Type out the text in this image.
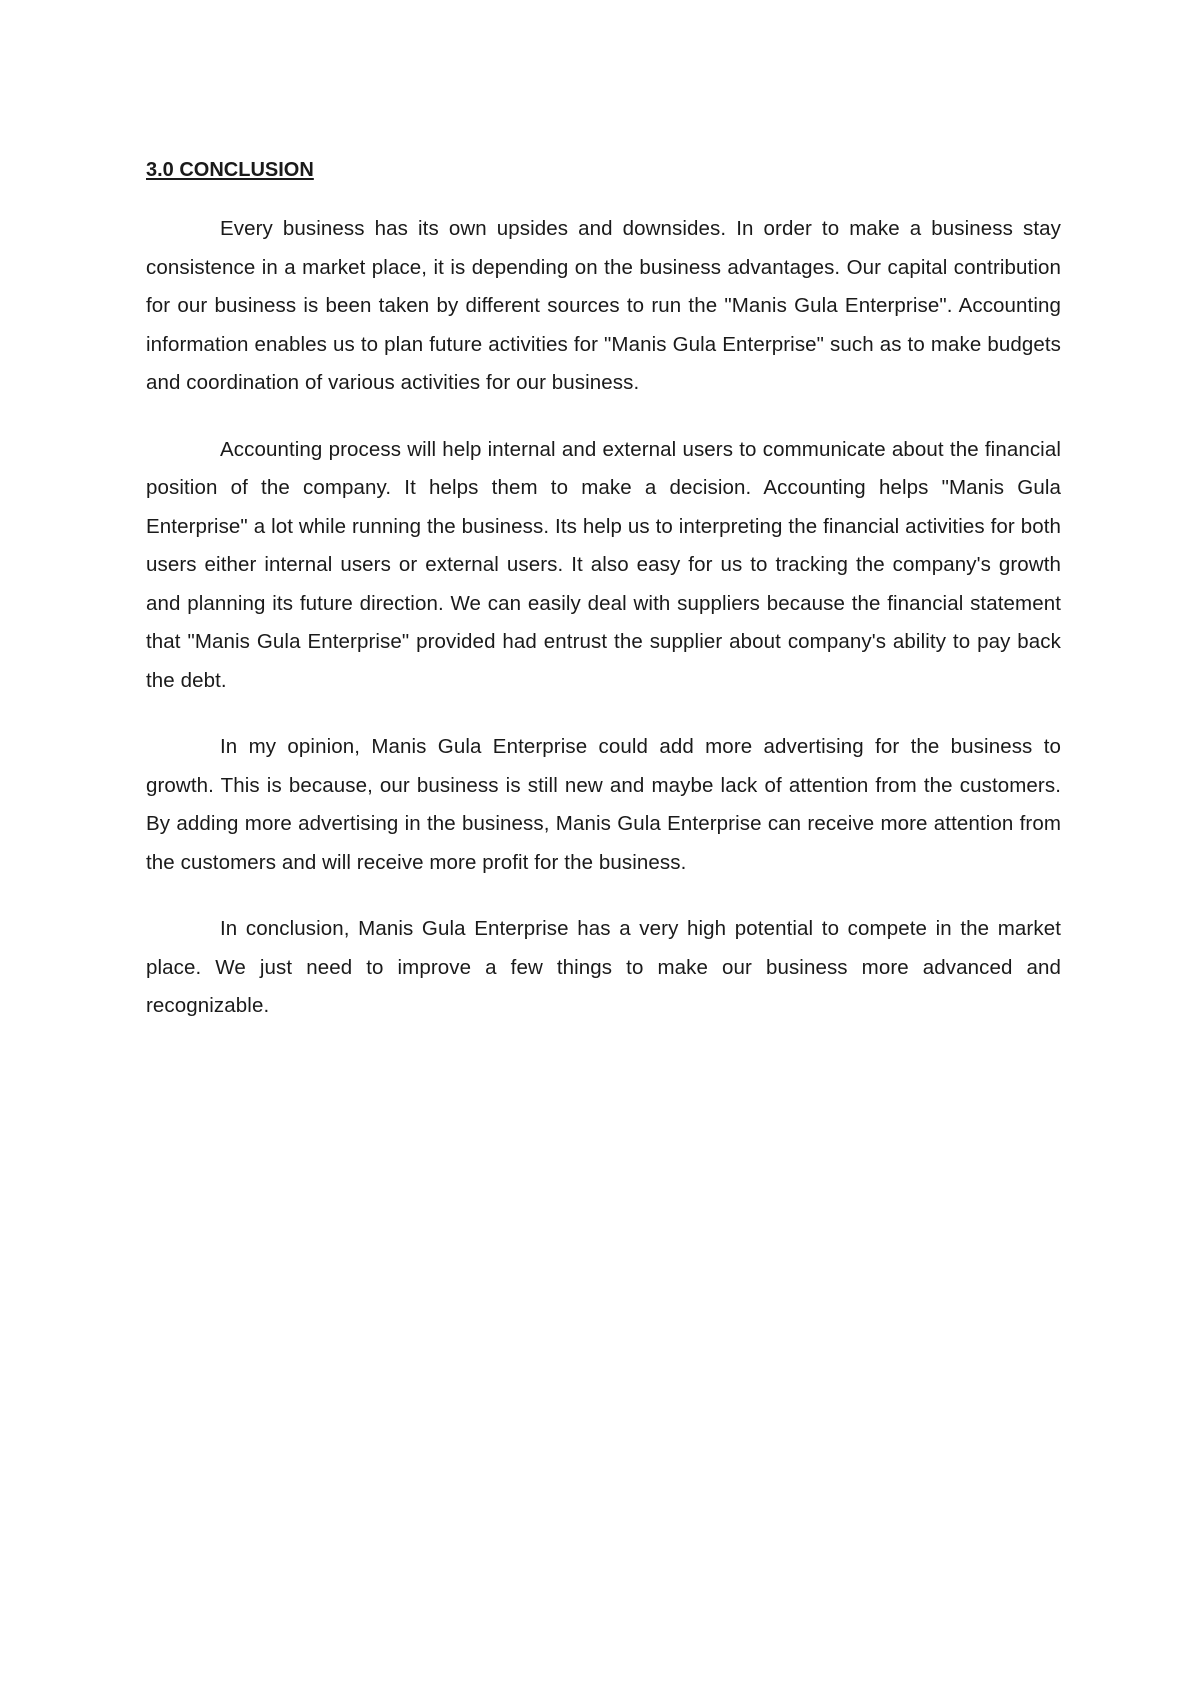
3.0 CONCLUSION

Every business has its own upsides and downsides. In order to make a business stay consistence in a market place, it is depending on the business advantages. Our capital contribution for our business is been taken by different sources to run the "Manis Gula Enterprise". Accounting information enables us to plan future activities for "Manis Gula Enterprise" such as to make budgets and coordination of various activities for our business.

Accounting process will help internal and external users to communicate about the financial position of the company. It helps them to make a decision. Accounting helps "Manis Gula Enterprise" a lot while running the business. Its help us to interpreting the financial activities for both users either internal users or external users. It also easy for us to tracking the company's growth and planning its future direction. We can easily deal with suppliers because the financial statement that "Manis Gula Enterprise" provided had entrust the supplier about company's ability to pay back the debt.

In my opinion, Manis Gula Enterprise could add more advertising for the business to growth. This is because, our business is still new and maybe lack of attention from the customers. By adding more advertising in the business, Manis Gula Enterprise can receive more attention from the customers and will receive more profit for the business.

In conclusion, Manis Gula Enterprise has a very high potential to compete in the market place. We just need to improve a few things to make our business more advanced and recognizable.
